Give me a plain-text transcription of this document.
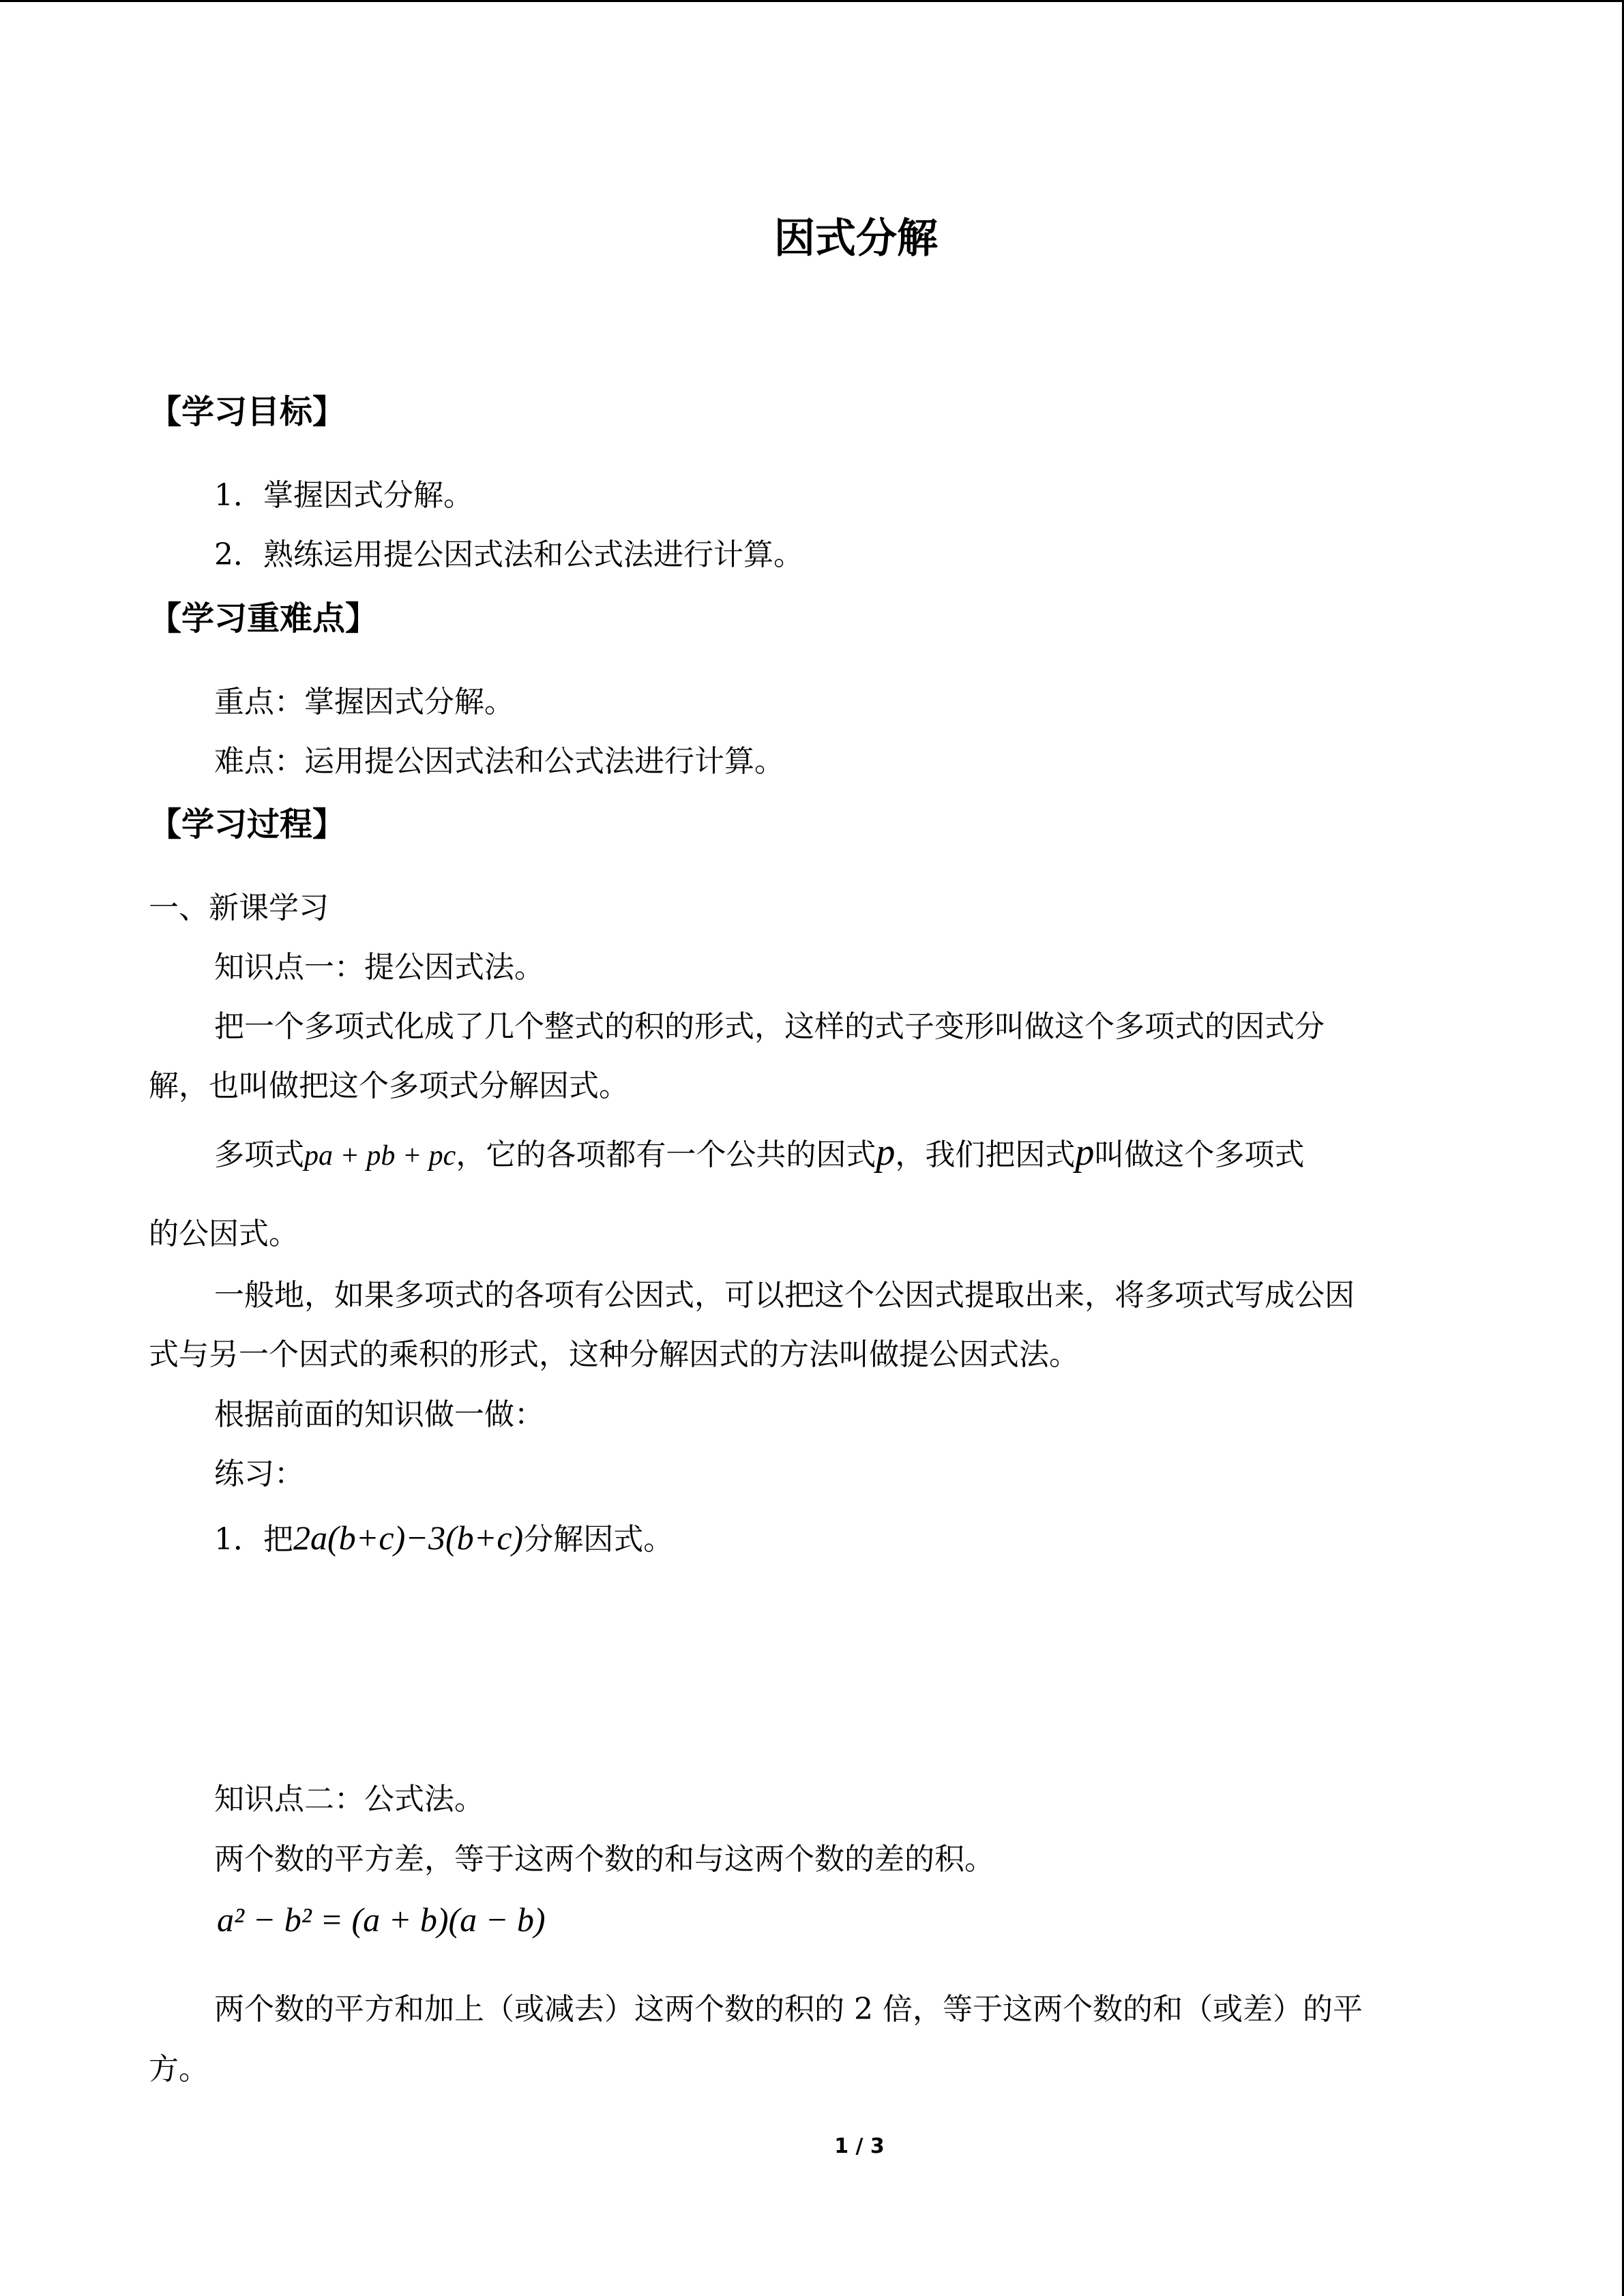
因式分解
【学习目标】
1．掌握因式分解。
2．熟练运用提公因式法和公式法进行计算。
【学习重难点】
重点：掌握因式分解。
难点：运用提公因式法和公式法进行计算。
【学习过程】
一、新课学习
知识点一：提公因式法。
把一个多项式化成了几个整式的积的形式，这样的式子变形叫做这个多项式的因式分
解，也叫做把这个多项式分解因式。
多项式pa + pb + pc，它的各项都有一个公共的因式p，我们把因式p叫做这个多项式
的公因式。
一般地，如果多项式的各项有公因式，可以把这个公因式提取出来，将多项式写成公因
式与另一个因式的乘积的形式，这种分解因式的方法叫做提公因式法。
根据前面的知识做一做：
练习：
1．把2a(b+c)−3(b+c)分解因式。
知识点二：公式法。
两个数的平方差，等于这两个数的和与这两个数的差的积。
a² − b² = (a + b)(a − b)
两个数的平方和加上（或减去）这两个数的积的 2 倍，等于这两个数的和（或差）的平
方。
1 / 3
